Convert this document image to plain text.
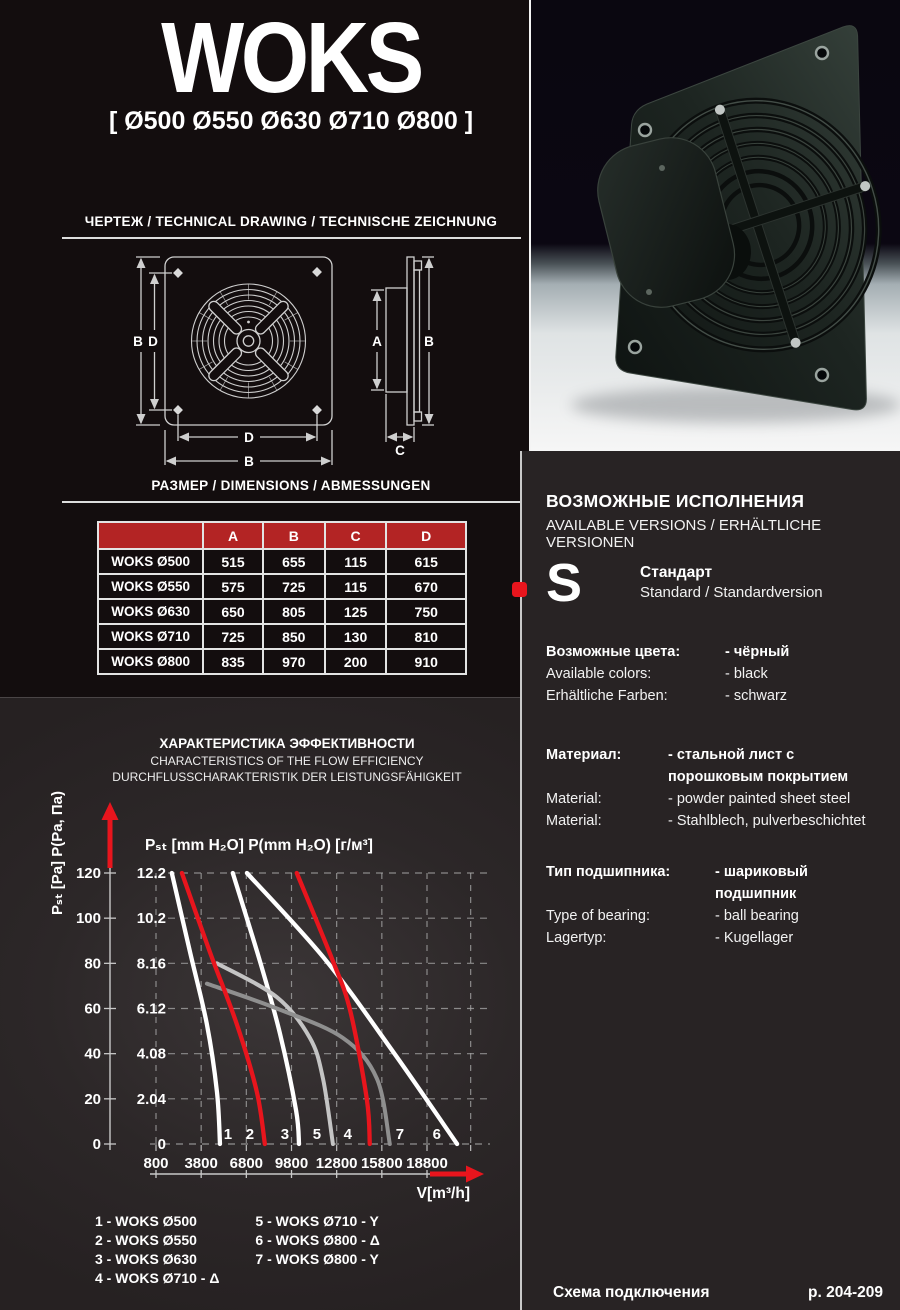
WOKS
[ Ø500 Ø550 Ø630 Ø710 Ø800 ]
ЧЕРТЕЖ / TECHNICAL DRAWING / TECHNISCHE ZEICHNUNG
B D
D
B
A	B
C
РАЗМЕР / DIMENSIONS / ABMESSUNGEN
	A	B	C	D
WOKS Ø500	515	655	115	615
WOKS Ø550	575	725	115	670
WOKS Ø630	650	805	125	750
WOKS Ø710	725	850	130	810
WOKS Ø800	835	970	200	910
ХАРАКТЕРИСТИКА ЭФФЕКТИВНОСТИ
CHARACTERISTICS OF THE FLOW EFFICIENCY
DURCHFLUSSCHARAKTERISTIK DER LEISTUNGSFÄHIGKEIT
120
100
80
60
40
20
0
12.2
10.2
8.16
6.12
4.08
2.04
0
800 3800 6800 9800 12800 15800 18800
V[m³/h]
Pₛₜ [mm H₂O] P(mm H₂O) [г/м³]
Pₛₜ [Pa] P(Pa, Па)
1 2 3	4
5	6
7
1 - WOKS Ø500
2 - WOKS Ø550
3 - WOKS Ø630
4 - WOKS Ø710 - Δ
5 - WOKS Ø710 - Y
6 - WOKS Ø800 - Δ
7 - WOKS Ø800 - Y
ВОЗМОЖНЫЕ ИСПОЛНЕНИЯ
AVAILABLE VERSIONS / ERHÄLTLICHE VERSIONEN
S	Стандарт
Standard / Standardversion
Возможные цвета:	- чёрный
Available colors:	- black
Erhältliche Farben:	- schwarz
Материал:	- стальной лист с порошковым покрытием
Material:	- powder painted sheet steel
Material:	- Stahlblech, pulverbeschichtet
Тип подшипника:	- шариковый подшипник
Type of bearing:	- ball bearing
Lagertyp:	- Kugellager
Схема подключения	p. 204-209
